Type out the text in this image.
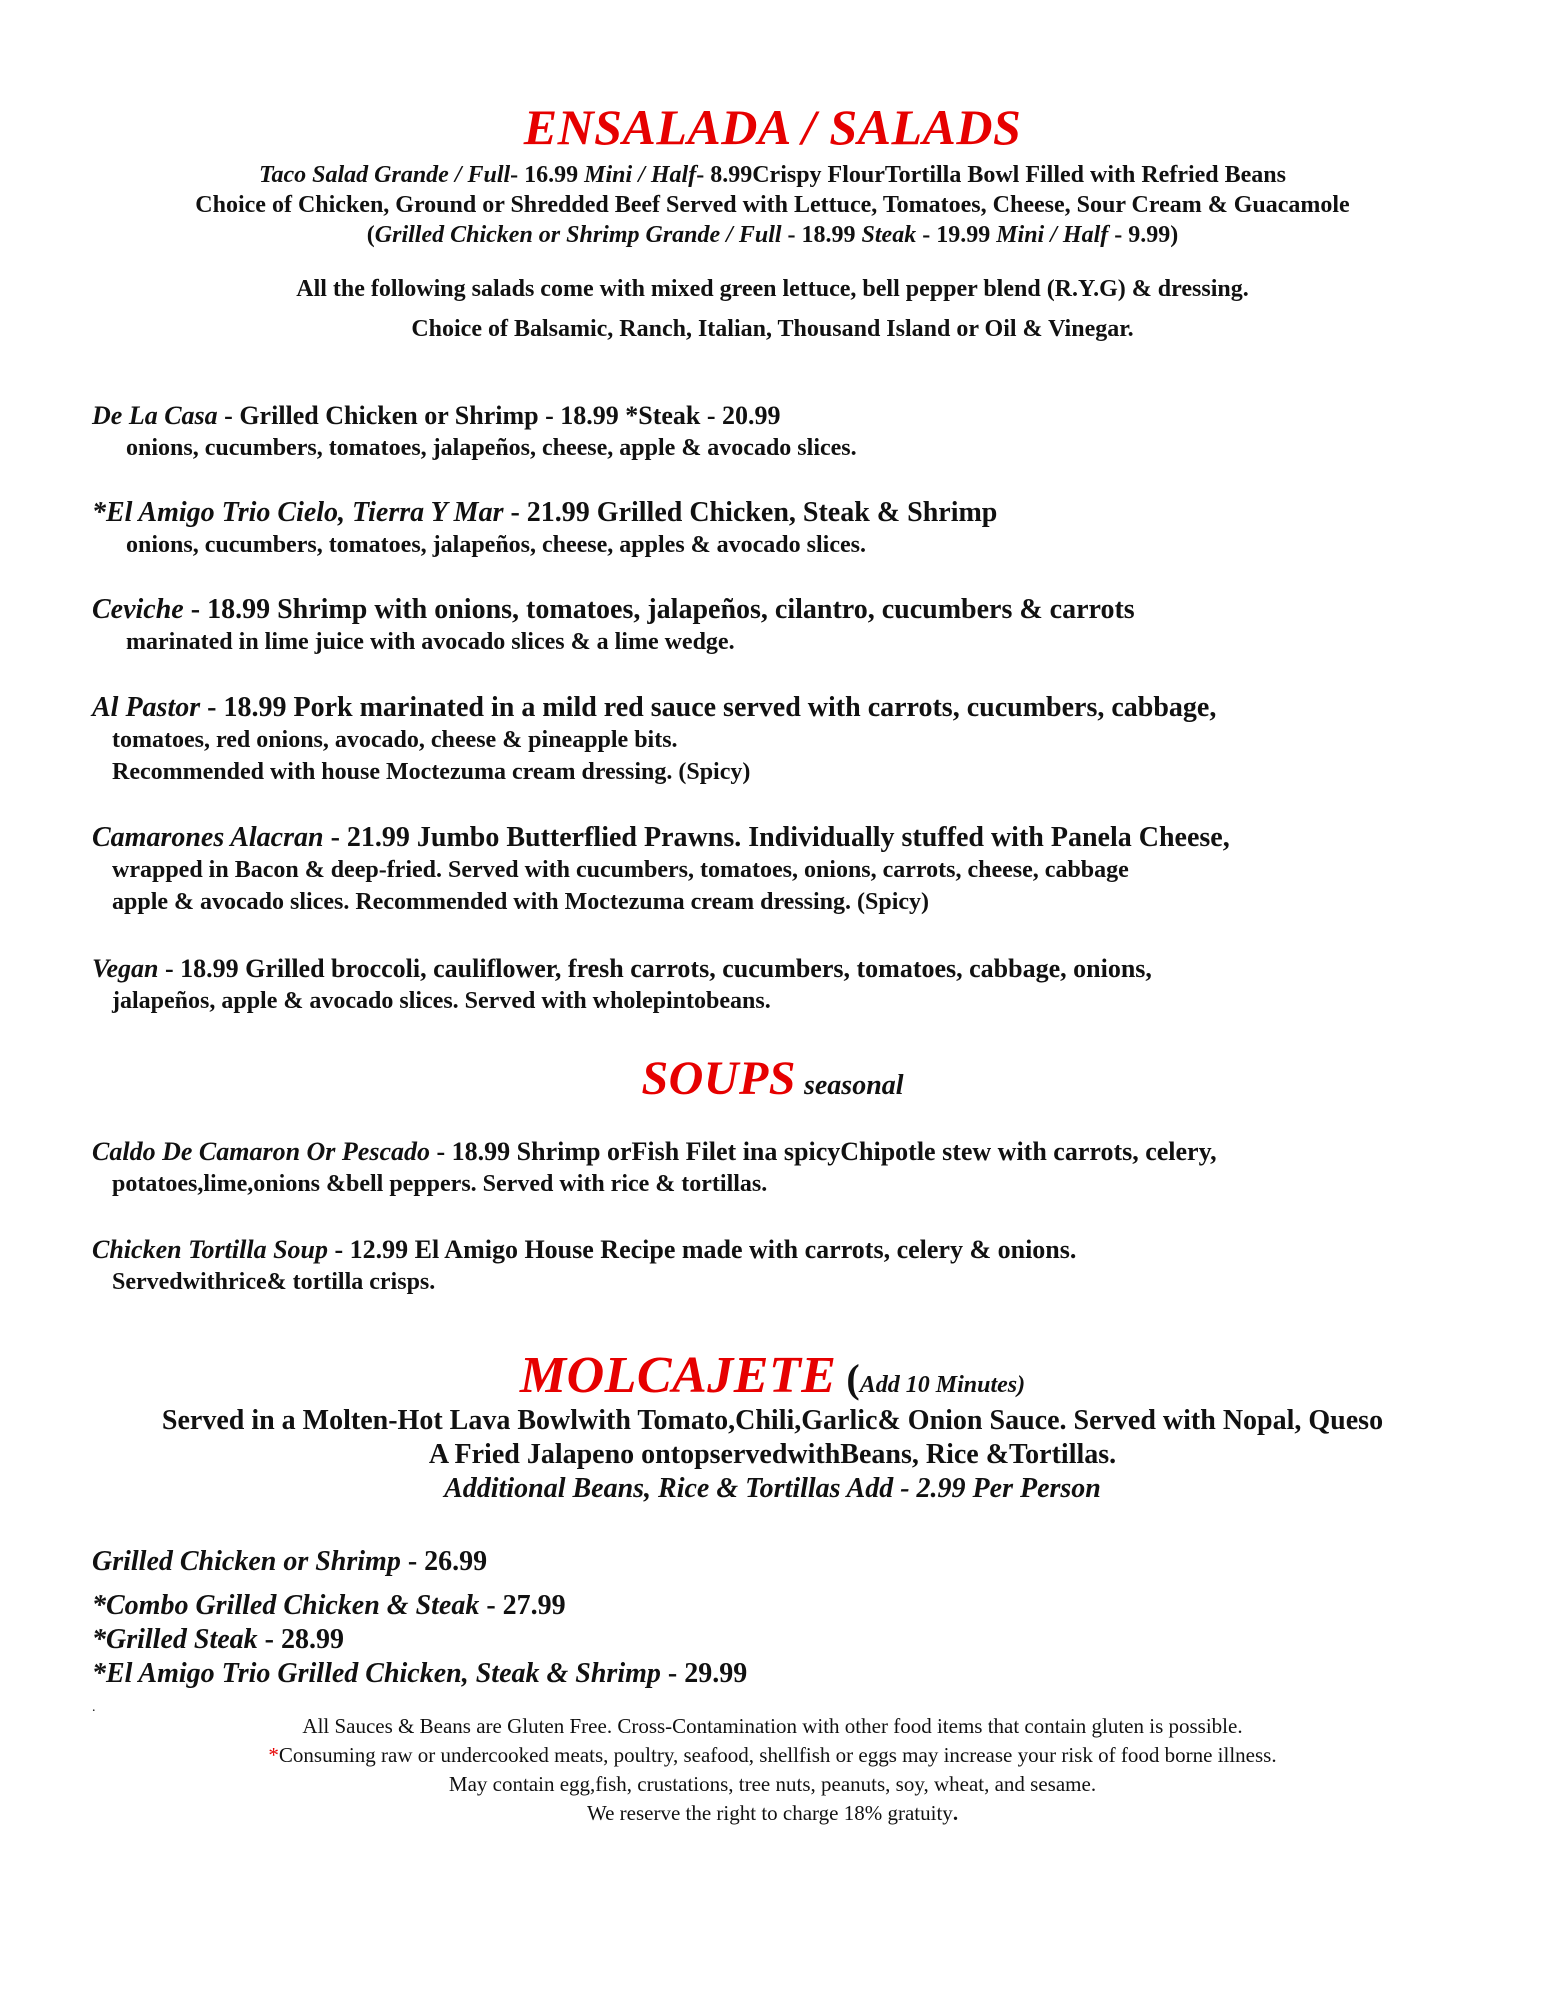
ENSALADA / SALADS
Taco Salad Grande / Full- 16.99 Mini / Half- 8.99Crispy FlourTortilla Bowl Filled with Refried Beans
Choice of Chicken, Ground or Shredded Beef Served with Lettuce, Tomatoes, Cheese, Sour Cream & Guacamole
(Grilled Chicken or Shrimp Grande / Full - 18.99 Steak - 19.99 Mini / Half - 9.99)
All the following salads come with mixed green lettuce, bell pepper blend (R.Y.G) & dressing.
Choice of Balsamic, Ranch, Italian, Thousand Island or Oil & Vinegar.
De La Casa - Grilled Chicken or Shrimp - 18.99 *Steak - 20.99
onions, cucumbers, tomatoes, jalapeños, cheese, apple & avocado slices.
*El Amigo Trio Cielo, Tierra Y Mar - 21.99 Grilled Chicken, Steak & Shrimp
onions, cucumbers, tomatoes, jalapeños, cheese, apples & avocado slices.
Ceviche - 18.99 Shrimp with onions, tomatoes, jalapeños, cilantro, cucumbers & carrots
marinated in lime juice with avocado slices & a lime wedge.
Al Pastor - 18.99 Pork marinated in a mild red sauce served with carrots, cucumbers, cabbage,
tomatoes, red onions, avocado, cheese & pineapple bits.
Recommended with house Moctezuma cream dressing. (Spicy)
Camarones Alacran - 21.99 Jumbo Butterflied Prawns. Individually stuffed with Panela Cheese,
wrapped in Bacon & deep-fried. Served with cucumbers, tomatoes, onions, carrots, cheese, cabbage
apple & avocado slices. Recommended with Moctezuma cream dressing. (Spicy)
Vegan - 18.99 Grilled broccoli, cauliflower, fresh carrots, cucumbers, tomatoes, cabbage, onions,
jalapeños, apple & avocado slices. Served with wholepintobeans.
SOUPS seasonal
Caldo De Camaron Or Pescado - 18.99 Shrimp orFish Filet ina spicyChipotle stew with carrots, celery,
potatoes,lime,onions &bell peppers. Served with rice & tortillas.
Chicken Tortilla Soup - 12.99 El Amigo House Recipe made with carrots, celery & onions.
Servedwithrice& tortilla crisps.
MOLCAJETE (Add 10 Minutes)
Served in a Molten-Hot Lava Bowlwith Tomato,Chili,Garlic& Onion Sauce. Served with Nopal, Queso
A Fried Jalapeno ontopservedwithBeans, Rice &Tortillas.
Additional Beans, Rice & Tortillas Add - 2.99 Per Person
Grilled Chicken or Shrimp - 26.99
*Combo Grilled Chicken & Steak - 27.99
*Grilled Steak - 28.99
*El Amigo Trio Grilled Chicken, Steak & Shrimp - 29.99
.
All Sauces & Beans are Gluten Free. Cross-Contamination with other food items that contain gluten is possible.
*Consuming raw or undercooked meats, poultry, seafood, shellfish or eggs may increase your risk of food borne illness.
May contain egg,fish, crustations, tree nuts, peanuts, soy, wheat, and sesame.
We reserve the right to charge 18% gratuity.
